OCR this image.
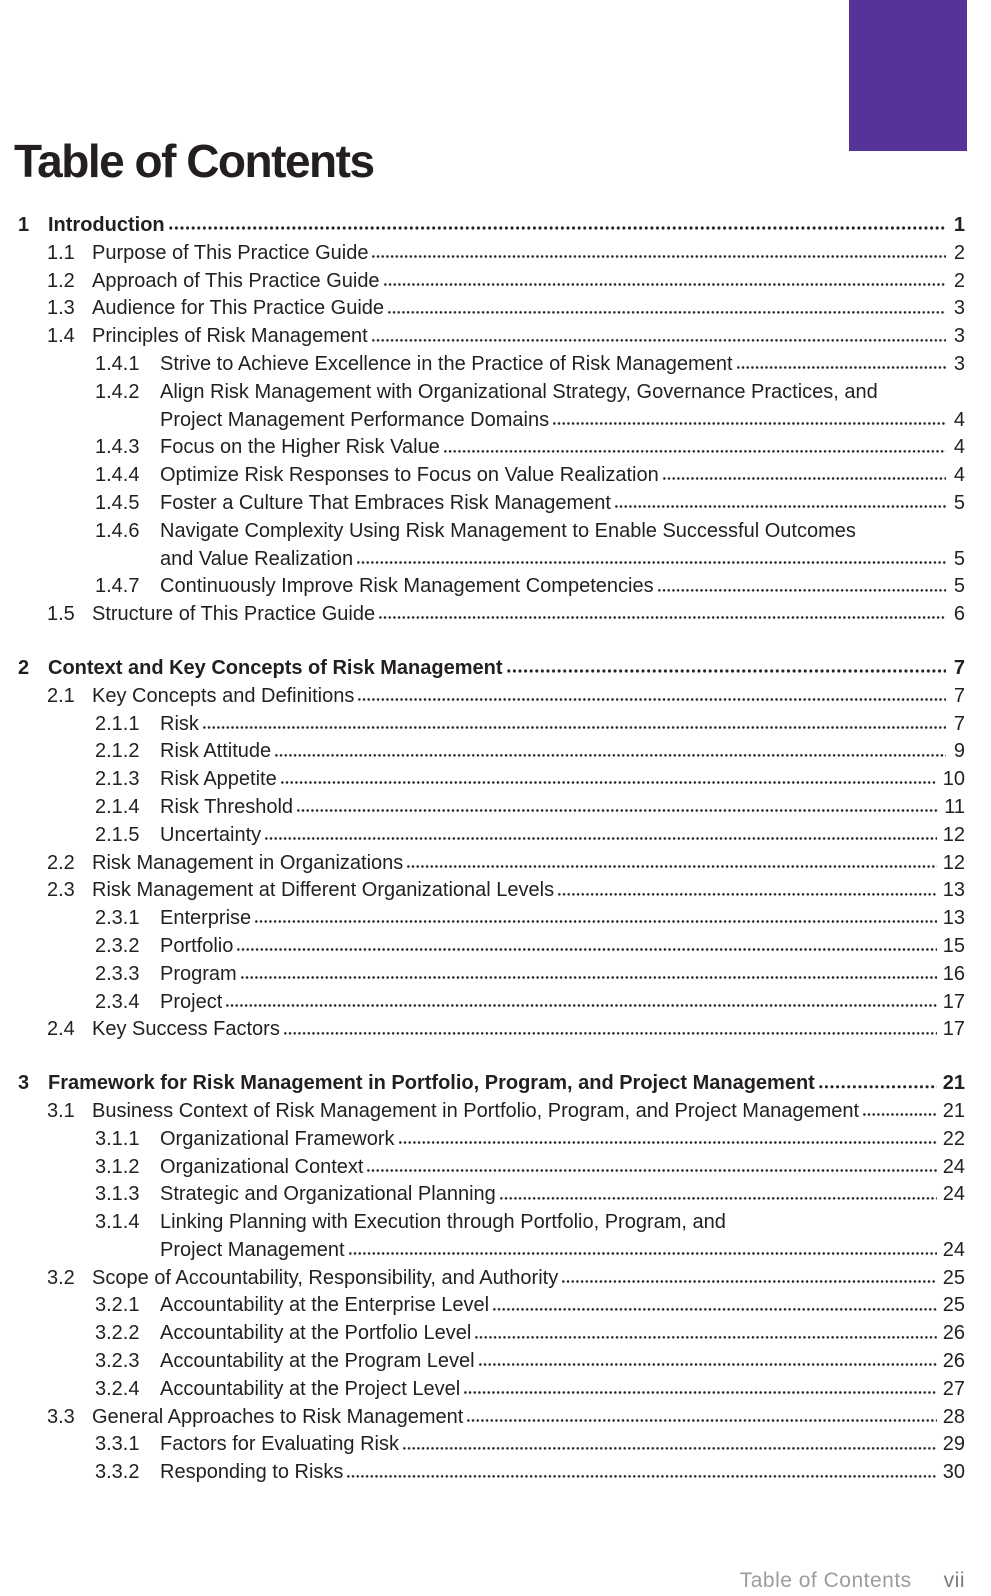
Table of Contents
1 Introduction	1
1.1 Purpose of This Practice Guide	2
1.2 Approach of This Practice Guide	2
1.3 Audience for This Practice Guide	3
1.4 Principles of Risk Management	3
1.4.1	Strive to Achieve Excellence in the Practice of Risk Management	3
1.4.2	Align Risk Management with Organizational Strategy, Governance Practices, and
Project Management Performance Domains	4
1.4.3	Focus on the Higher Risk Value	4
1.4.4	Optimize Risk Responses to Focus on Value Realization	4
1.4.5	Foster a Culture That Embraces Risk Management	5
1.4.6	Navigate Complexity Using Risk Management to Enable Successful Outcomes
and Value Realization	5
1.4.7	Continuously Improve Risk Management Competencies	5
1.5 Structure of This Practice Guide	6
2 Context and Key Concepts of Risk Management	7
2.1 Key Concepts and Definitions	7
2.1.1	Risk	7
2.1.2	Risk Attitude	9
2.1.3	Risk Appetite	10
2.1.4	Risk Threshold	11
2.1.5	Uncertainty	12
2.2 Risk Management in Organizations	12
2.3 Risk Management at Different Organizational Levels	13
2.3.1	Enterprise	13
2.3.2	Portfolio	15
2.3.3	Program	16
2.3.4	Project	17
2.4 Key Success Factors	17
3 Framework for Risk Management in Portfolio, Program, and Project Management	21
3.1 Business Context of Risk Management in Portfolio, Program, and Project Management	21
3.1.1	Organizational Framework	22
3.1.2	Organizational Context	24
3.1.3	Strategic and Organizational Planning	24
3.1.4	Linking Planning with Execution through Portfolio, Program, and
Project Management	24
3.2 Scope of Accountability, Responsibility, and Authority	25
3.2.1	Accountability at the Enterprise Level	25
3.2.2	Accountability at the Portfolio Level	26
3.2.3	Accountability at the Program Level	26
3.2.4	Accountability at the Project Level	27
3.3 General Approaches to Risk Management	28
3.3.1	Factors for Evaluating Risk	29
3.3.2	Responding to Risks	30
Table of Contents vii
